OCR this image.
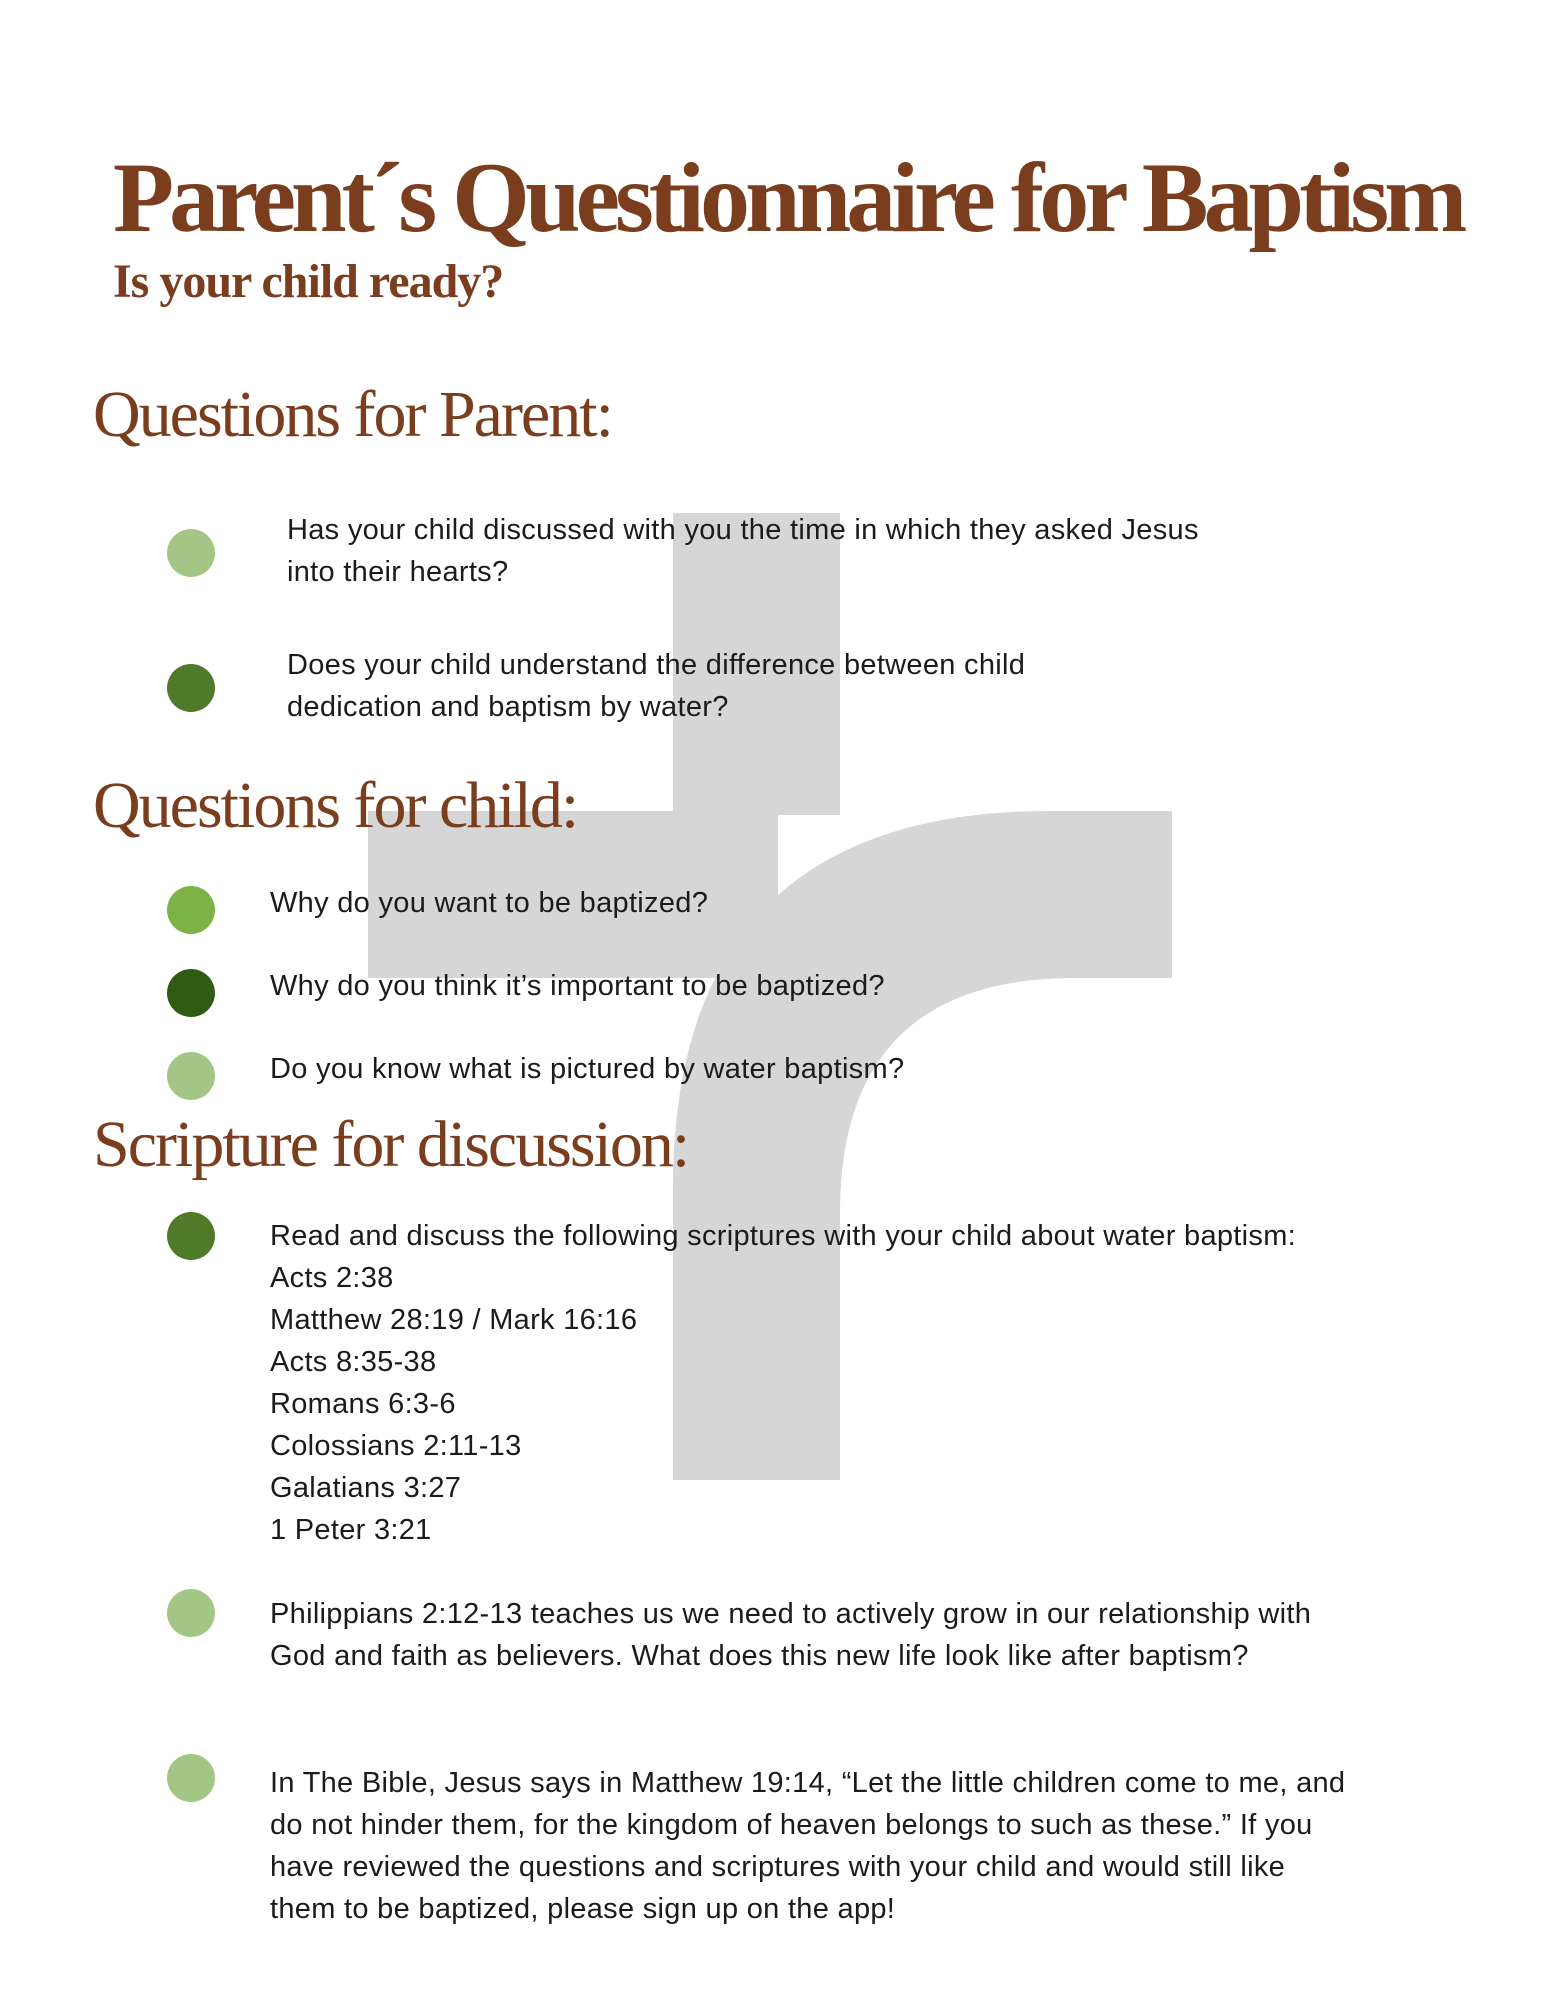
Parent´s Questionnaire for Baptism
Is your child ready?
Questions for Parent:

Has your child discussed with you the time in which they asked Jesus
into their hearts?

Does your child understand the difference between child
dedication and baptism by water?

Questions for child:

Why do you want to be baptized?

Why do you think it’s important to be baptized?

Do you know what is pictured by water baptism?

Scripture for discussion:

Read and discuss the following scriptures with your child about water baptism:
Acts 2:38
Matthew 28:19 / Mark 16:16
Acts 8:35-38
Romans 6:3-6
Colossians 2:11-13
Galatians 3:27
1 Peter 3:21

Philippians 2:12-13 teaches us we need to actively grow in our relationship with
God and faith as believers. What does this new life look like after baptism?

In The Bible, Jesus says in Matthew 19:14, “Let the little children come to me, and
do not hinder them, for the kingdom of heaven belongs to such as these.” If you
have reviewed the questions and scriptures with your child and would still like
them to be baptized, please sign up on the app!
